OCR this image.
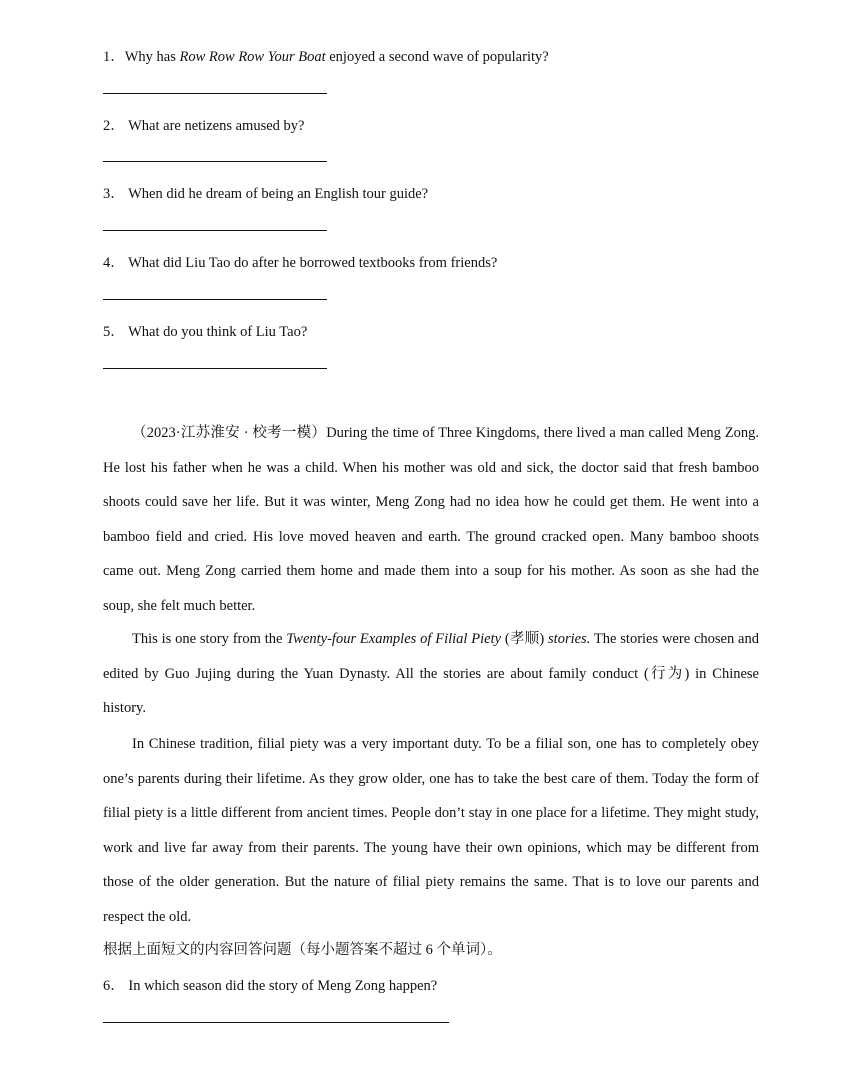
1．Why has Row Row Row Your Boat enjoyed a second wave of popularity?
2． What are netizens amused by?
3． When did he dream of being an English tour guide?
4． What did Liu Tao do after he borrowed textbooks from friends?
5． What do you think of Liu Tao?

（2023·江苏淮安 · 校考一模）During the time of Three Kingdoms, there lived a man called Meng Zong. He lost his father when he was a child. When his mother was old and sick, the doctor said that fresh bamboo shoots could save her life. But it was winter, Meng Zong had no idea how he could get them. He went into a bamboo field and cried. His love moved heaven and earth. The ground cracked open. Many bamboo shoots came out. Meng Zong carried them home and made them into a soup for his mother. As soon as she had the soup, she felt much better.

This is one story from the Twenty-four Examples of Filial Piety (孝顺) stories. The stories were chosen and edited by Guo Jujing during the Yuan Dynasty. All the stories are about family conduct (行为) in Chinese history.

In Chinese tradition, filial piety was a very important duty. To be a filial son, one has to completely obey one’s parents during their lifetime. As they grow older, one has to take the best care of them. Today the form of filial piety is a little different from ancient times. People don’t stay in one place for a lifetime. They might study, work and live far away from their parents. The young have their own opinions, which may be different from those of the older generation. But the nature of filial piety remains the same. That is to love our parents and respect the old.

根据上面短文的内容回答问题（每小题答案不超过 6 个单词）。
6． In which season did the story of Meng Zong happen?
